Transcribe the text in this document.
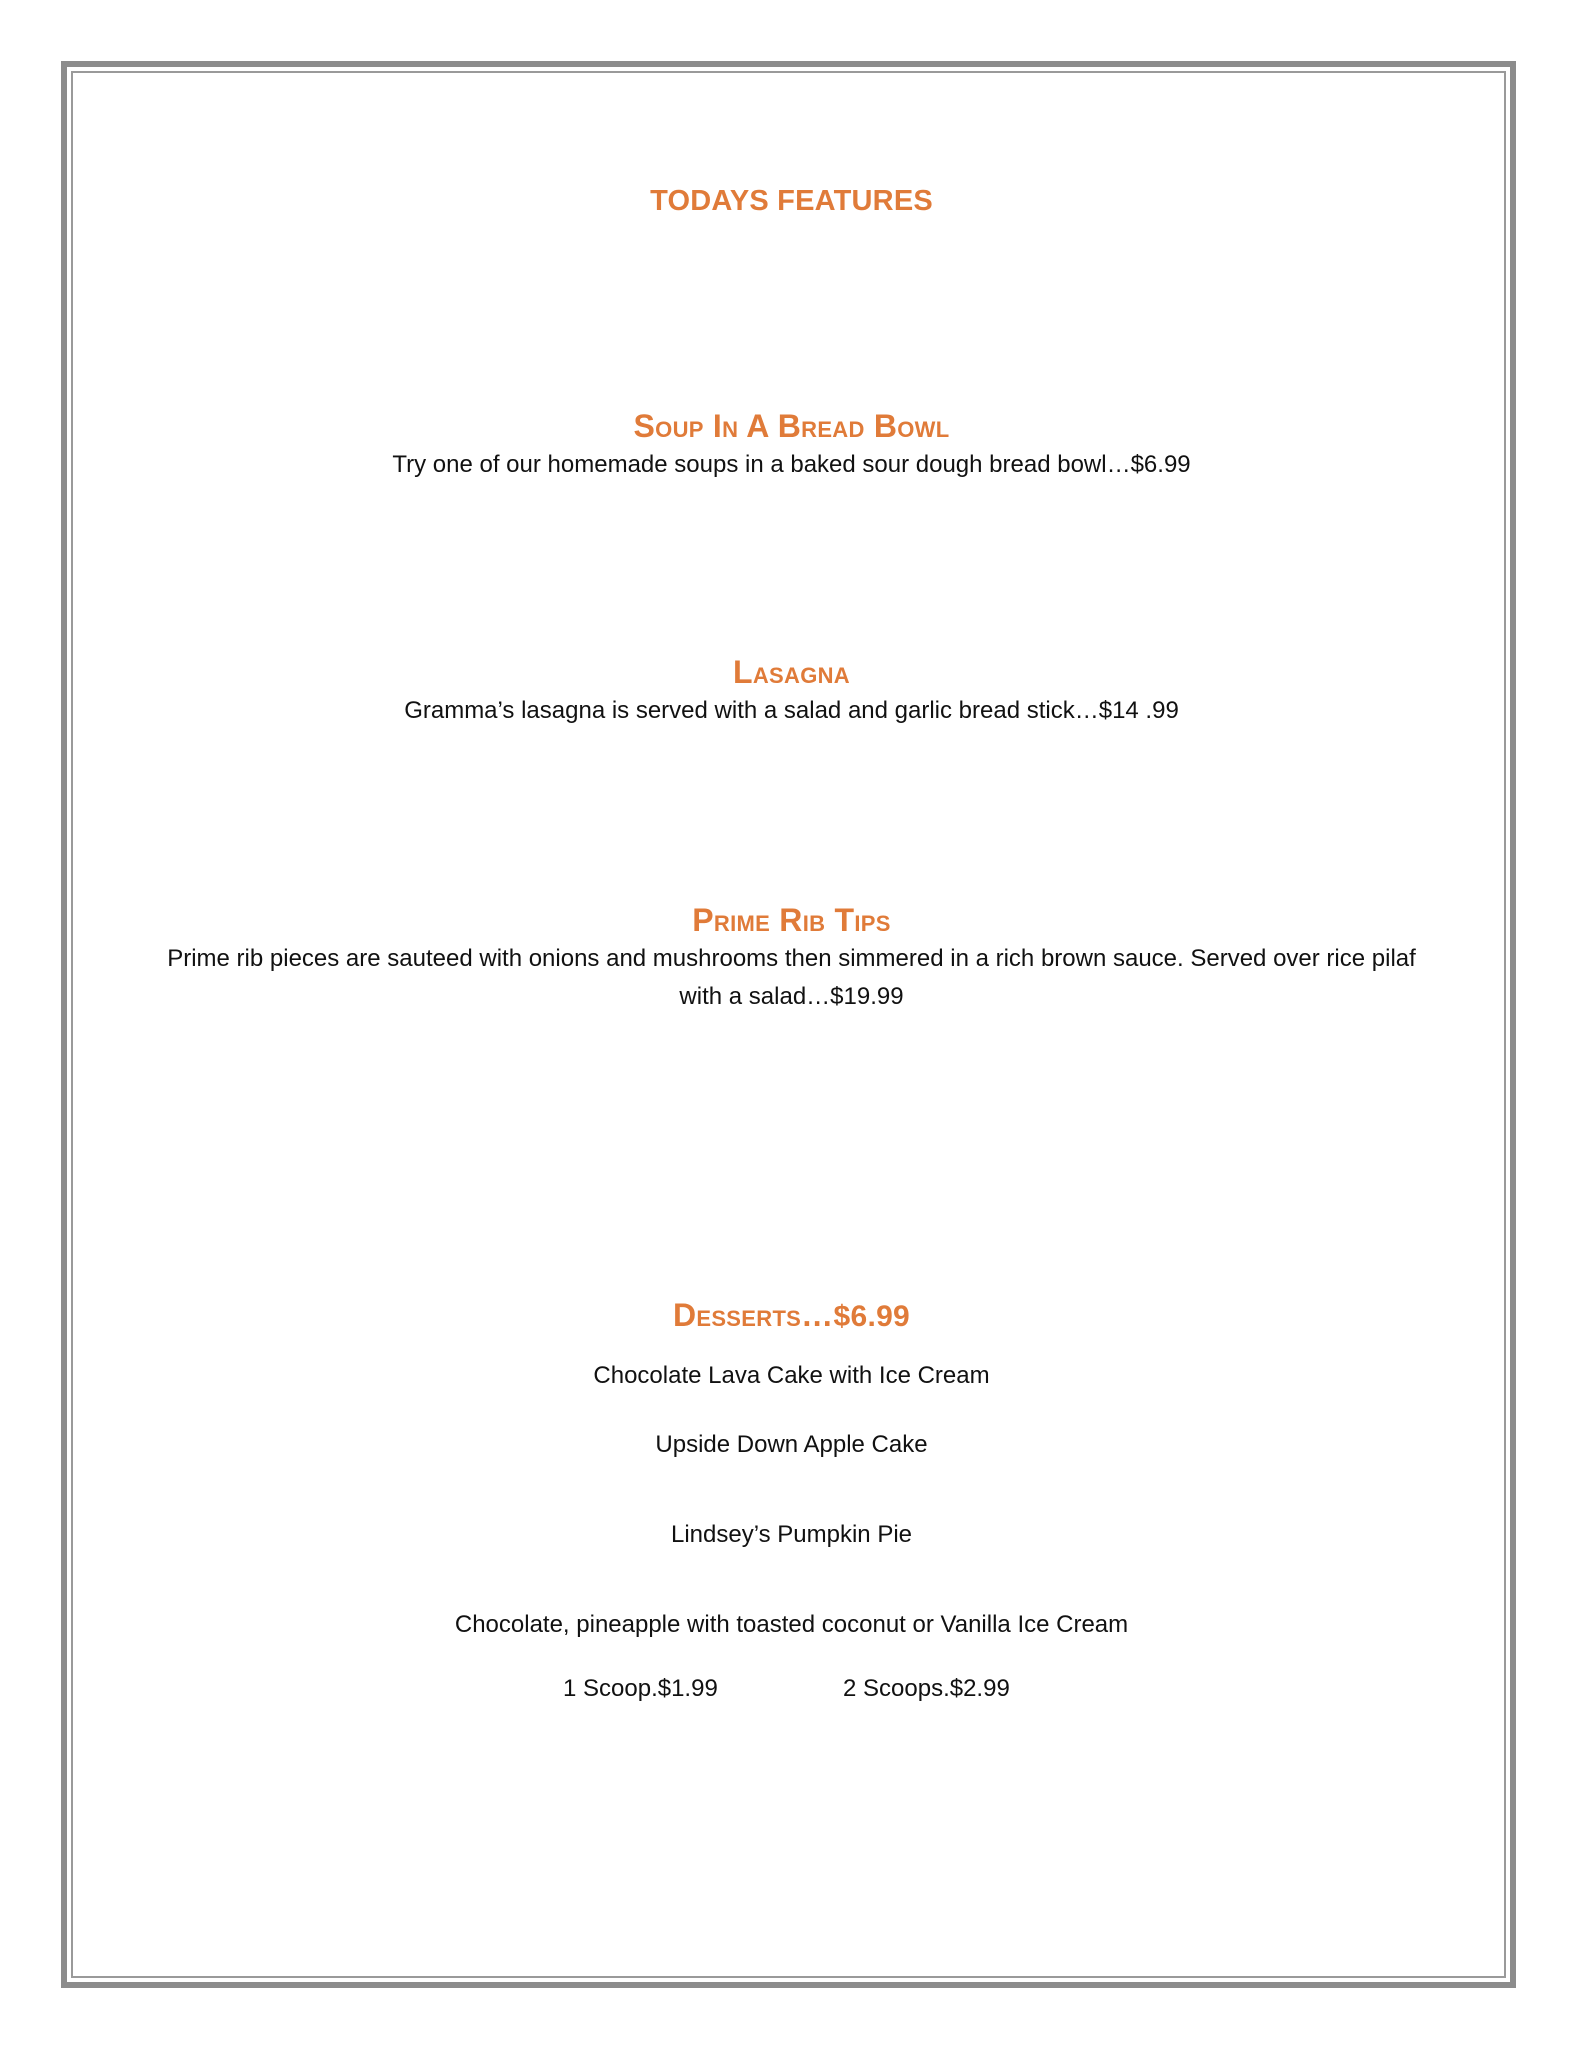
TODAYS FEATURES
Soup In A Bread Bowl
Try one of our homemade soups in a baked sour dough bread bowl…$6.99
Lasagna
Gramma’s lasagna is served with a salad and garlic bread stick…$14 .99
Prime Rib Tips
Prime rib pieces are sauteed with onions and mushrooms then simmered in a rich brown sauce. Served over rice pilaf with a salad…$19.99
Desserts…$6.99
Chocolate Lava Cake with Ice Cream
Upside Down Apple Cake
Lindsey’s Pumpkin Pie
Chocolate, pineapple with toasted coconut or Vanilla Ice Cream
1 Scoop.$1.99	2 Scoops.$2.99
